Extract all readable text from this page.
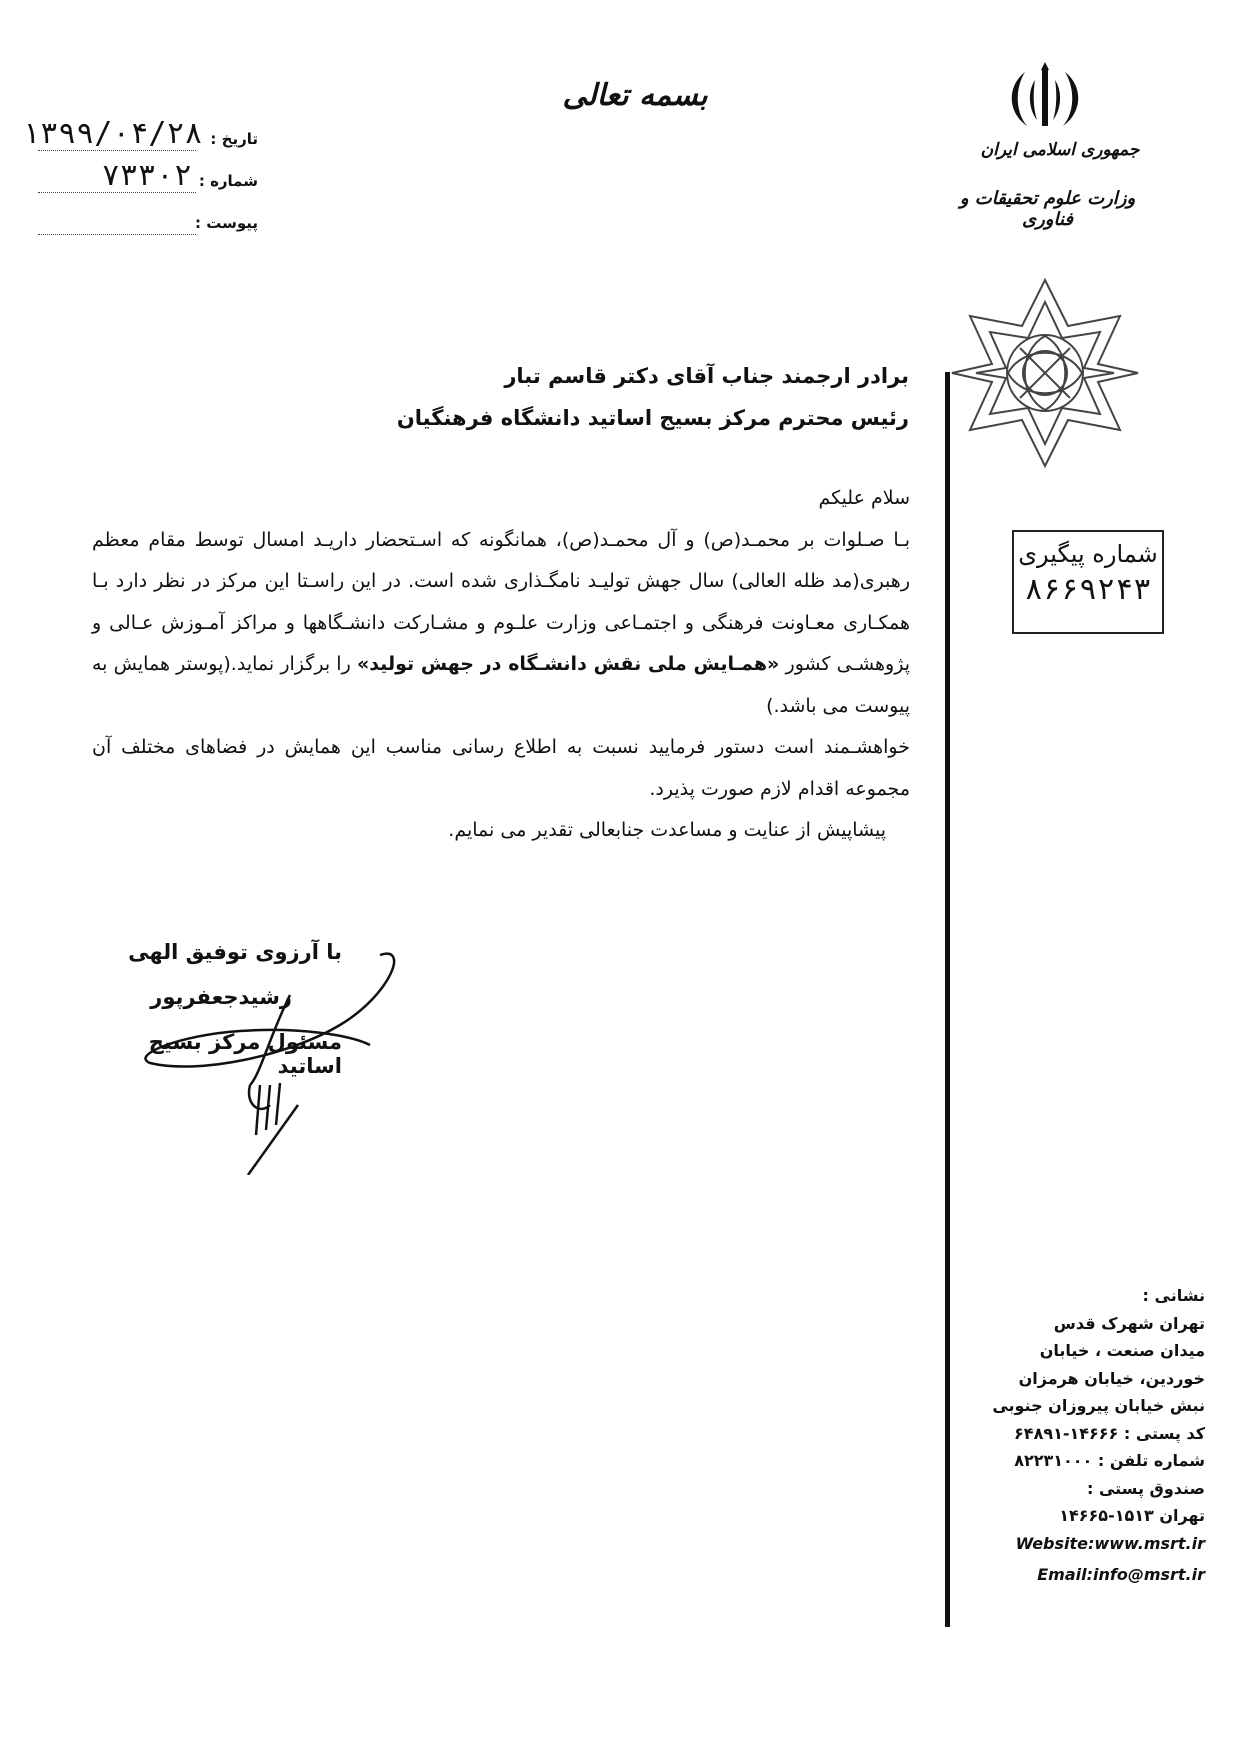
بسمه تعالی
جمهوری اسلامی ایران
وزارت علوم تحقیقات و فناوری
تاریخ :
۱۳۹۹/۰۴/۲۸
شماره :
۷۳۳۰۲
پیوست :
شماره پیگیری
۸۶۶۹۲۴۳
برادر ارجمند جناب آقای دکتر قاسم تبار
رئیس محترم مرکز بسیج اساتید دانشگاه فرهنگیان

سلام علیکم

بـا صـلوات بر محمـد(ص) و آل محمـد(ص)، همانگونه که اسـتحضار داریـد امسال توسط مقام معظم رهبری(مد ظله العالی) سال جهش تولیـد نامگـذاری شده است. در این راسـتا این مرکز در نظر دارد بـا همکـاری معـاونت فرهنگی و اجتمـاعی وزارت علـوم و مشـارکت دانشـگاهها و مراکز آمـوزش عـالی و پژوهشـی کشور «همـایش ملی نقش دانشـگاه در جهش تولید» را برگزار نماید.(پوستر همایش به پیوست می باشد.)

خواهشـمند است دستور فرمایید نسبت به اطلاع رسانی مناسب این همایش در فضاهای مختلف آن مجموعه اقدام لازم صورت پذیرد.

پیشاپیش از عنایت و مساعدت جنابعالی تقدیر می نمایم.

با آرزوی توفیق الهی
رشیدجعفرپور
مسئول مرکز بسیج اساتید
نشانی :
تهران شهرک قدس
میدان صنعت ، خیابان
خوردین، خیابان هرمزان
نبش خیابان پیروزان جنوبی
کد پستی : ۱۴۶۶۶-۶۴۸۹۱
شماره تلفن : ۸۲۲۳۱۰۰۰
صندوق پستی :
تهران ۱۵۱۳-۱۴۶۶۵
Website:www.msrt.ir
Email:info@msrt.ir
